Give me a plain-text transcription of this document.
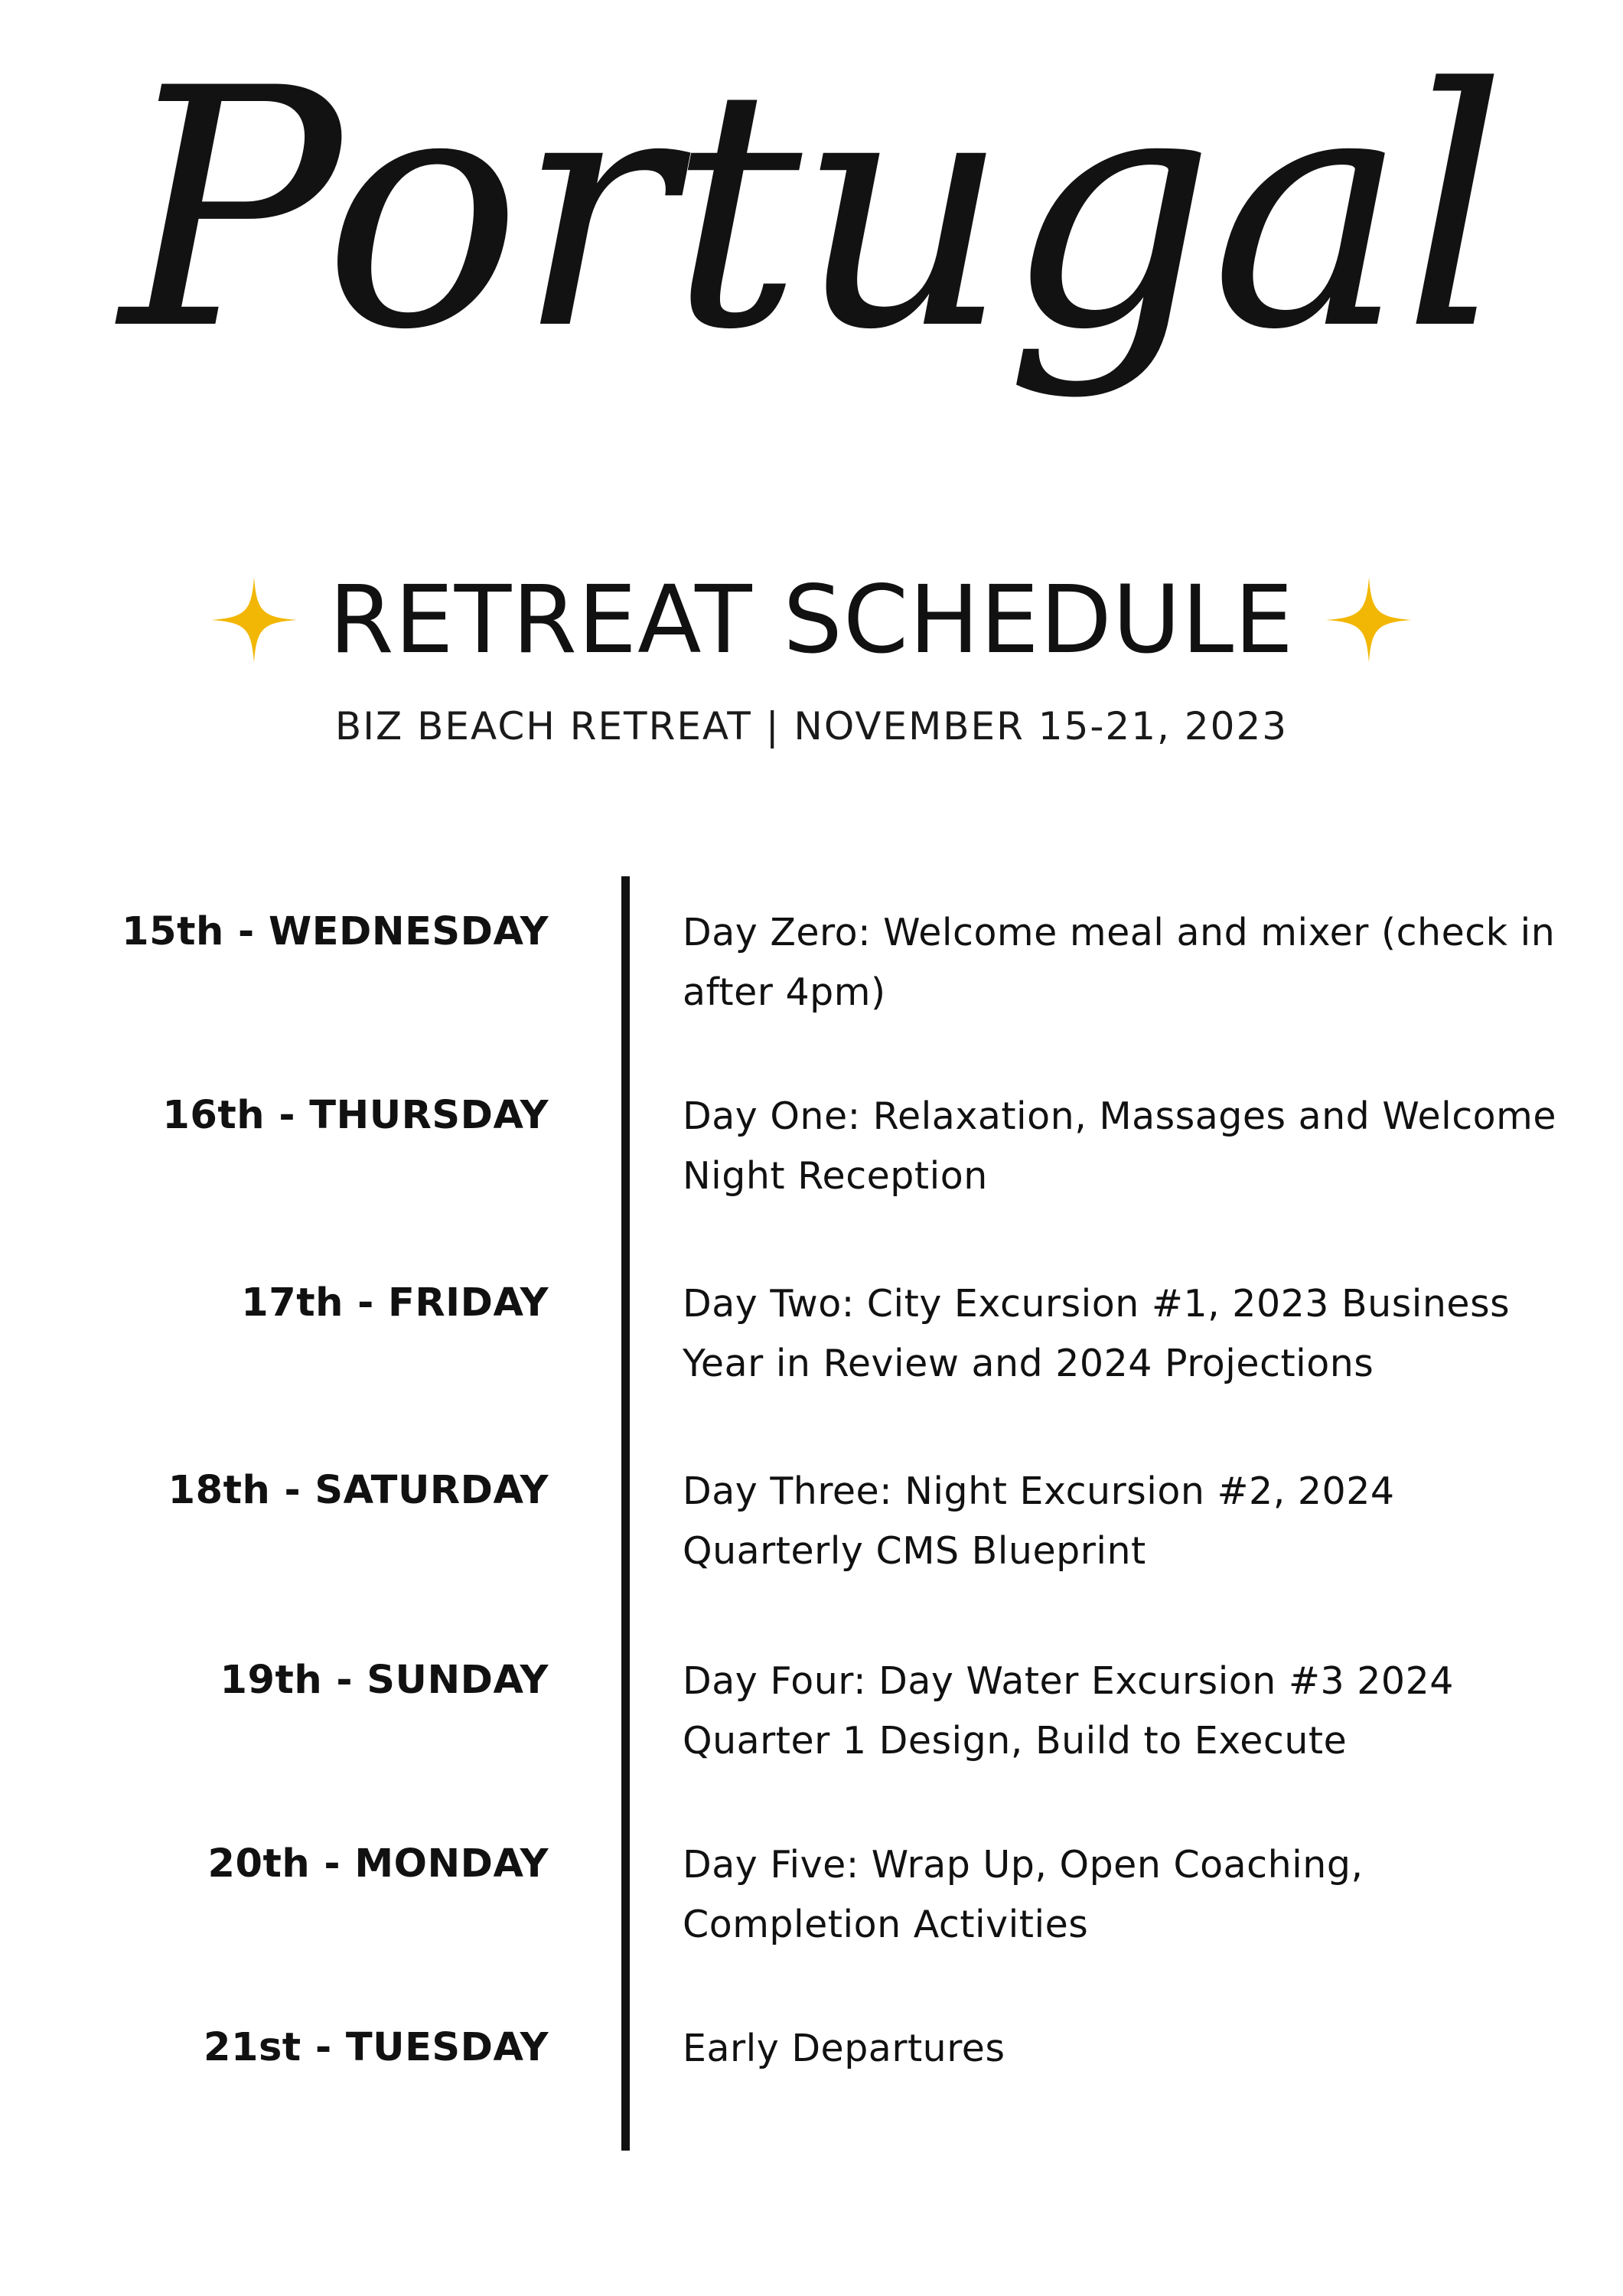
Portugal
RETREAT SCHEDULE
BIZ BEACH RETREAT | NOVEMBER 15-21, 2023
15th - WEDNESDAY	Day Zero: Welcome meal and mixer (check in after 4pm)
16th - THURSDAY	Day One: Relaxation, Massages and Welcome Night Reception
17th - FRIDAY	Day Two: City Excursion #1, 2023 Business Year in Review and 2024 Projections
18th - SATURDAY	Day Three: Night Excursion #2, 2024 Quarterly CMS Blueprint
19th - SUNDAY	Day Four: Day Water Excursion #3 2024 Quarter 1 Design, Build to Execute
20th - MONDAY	Day Five: Wrap Up, Open Coaching, Completion Activities
21st - TUESDAY	Early Departures
